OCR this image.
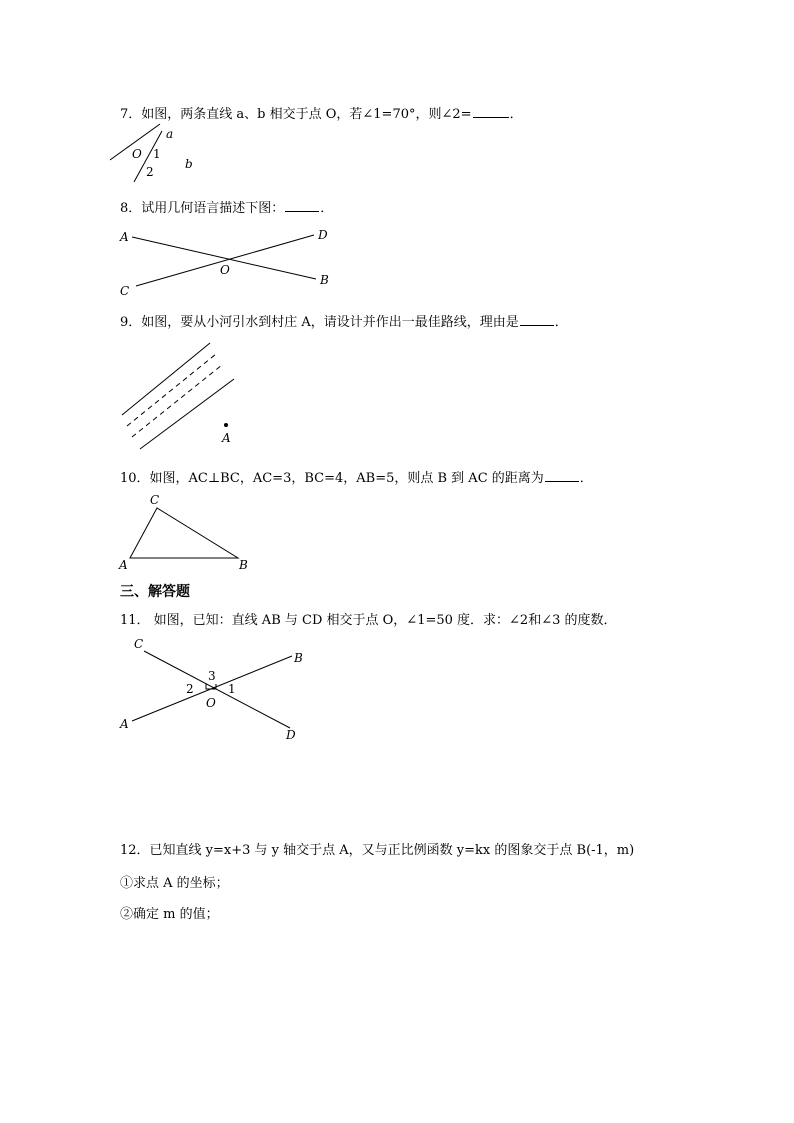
7．如图，两条直线 a、b 相交于点 O，若∠1=70°，则∠2=	．
a
O 1
2
b
8．试用几何语言描述下图：	．
A	D
O
B
C
9．如图，要从小河引水到村庄 A，请设计并作出一最佳路线，理由是	．
A
10．如图，AC⊥BC，AC=3，BC=4，AB=5，则点 B 到 AC 的距离为	．
C
A	B
三、解答题
11． 如图，已知：直线 AB 与 CD 相交于点 O，∠1=50 度．求：∠2和∠3 的度数．
C
B
3
2	1
O
A
D
12．已知直线 y=x+3 与 y 轴交于点 A，又与正比例函数 y=kx 的图象交于点 B(-1，m)
①求点 A 的坐标；
②确定 m 的值；
